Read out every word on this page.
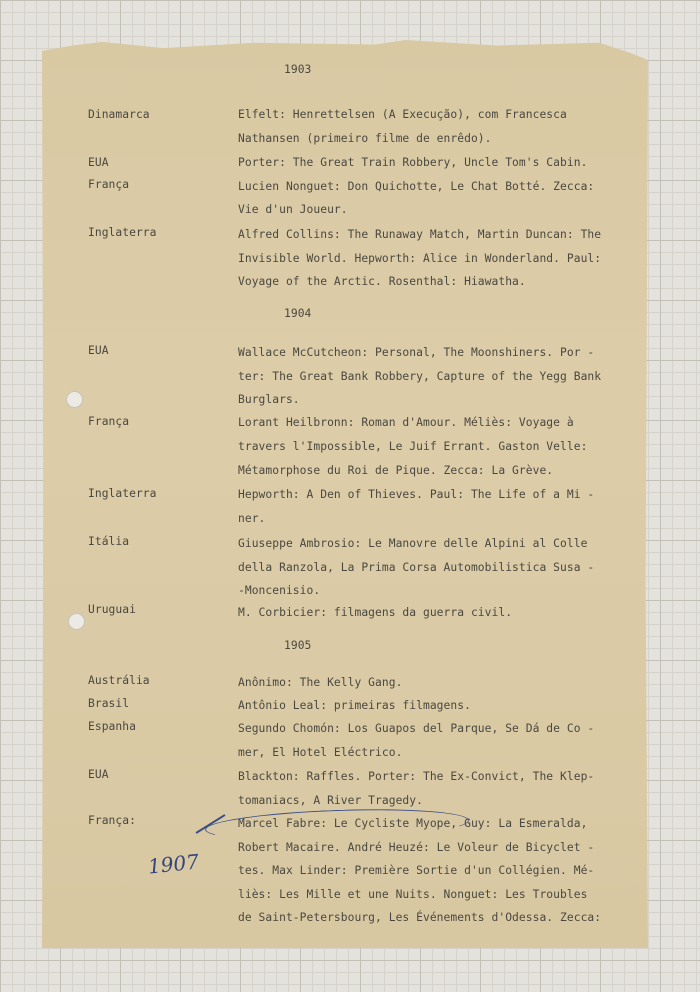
1903
Dinamarca	Elfelt: Henrettelsen (A Execução), com Francesca
Nathansen (primeiro filme de enrêdo).
EUA	Porter: The Great Train Robbery, Uncle Tom's Cabin.
França	Lucien Nonguet: Don Quichotte, Le Chat Botté. Zecca:
Vie d'un Joueur.
Inglaterra	Alfred Collins: The Runaway Match, Martin Duncan: The
Invisible World. Hepworth: Alice in Wonderland. Paul:
Voyage of the Arctic. Rosenthal: Hiawatha.
1904
EUA	Wallace McCutcheon: Personal, The Moonshiners. Por -
ter: The Great Bank Robbery, Capture of the Yegg Bank
Burglars.
França	Lorant Heilbronn: Roman d'Amour. Méliès: Voyage à
travers l'Impossible, Le Juif Errant. Gaston Velle:
Métamorphose du Roi de Pique. Zecca: La Grève.
Inglaterra	Hepworth: A Den of Thieves. Paul: The Life of a Mi -
ner.
Itália	Giuseppe Ambrosio: Le Manovre delle Alpini al Colle
della Ranzola, La Prima Corsa Automobilistica Susa -
-Moncenisio.
Uruguai	M. Corbicier: filmagens da guerra civil.
1905
Austrália	Anônimo: The Kelly Gang.
Brasil	Antônio Leal: primeiras filmagens.
Espanha	Segundo Chomón: Los Guapos del Parque, Se Dá de Co -
mer, El Hotel Eléctrico.
EUA	Blackton: Raffles. Porter: The Ex-Convict, The Klep-
tomaniacs, A River Tragedy.
França:	Marcel Fabre: Le Cycliste Myope, Guy: La Esmeralda,
Robert Macaire. André Heuzé: Le Voleur de Bicyclet -
tes. Max Linder: Première Sortie d'un Collégien. Mé-
liès: Les Mille et une Nuits. Nonguet: Les Troubles
de Saint-Petersbourg, Les Événements d'Odessa. Zecca:
1907
